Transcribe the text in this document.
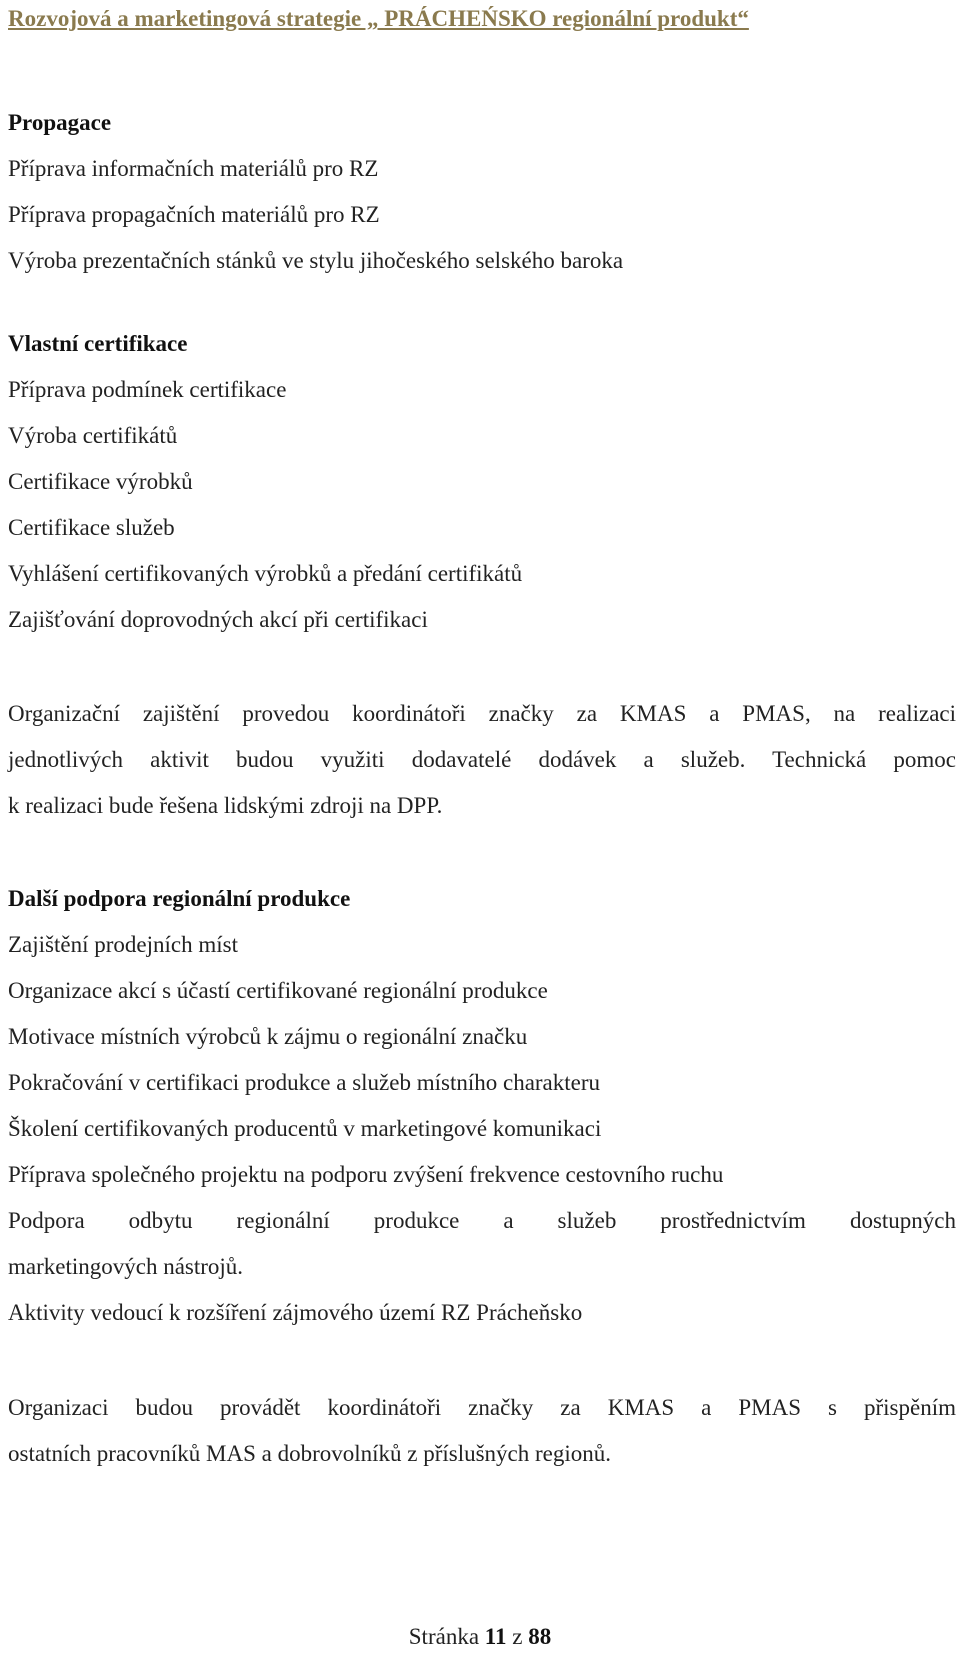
Rozvojová a marketingová strategie „ PRÁCHEŃSKO regionální produkt“
Propagace
Příprava informačních materiálů pro RZ
Příprava propagačních materiálů pro RZ
Výroba prezentačních stánků ve stylu jihočeského selského baroka
Vlastní certifikace
Příprava podmínek certifikace
Výroba certifikátů
Certifikace výrobků
Certifikace služeb
Vyhlášení certifikovaných výrobků a předání certifikátů
Zajišťování doprovodných akcí při certifikaci
Organizační zajištění provedou koordinátoři značky za KMAS a PMAS, na realizaci
jednotlivých aktivit budou využiti dodavatelé dodávek a služeb. Technická pomoc
k realizaci bude řešena lidskými zdroji na DPP.
Další podpora regionální produkce
Zajištění prodejních míst
Organizace akcí s účastí certifikované regionální produkce
Motivace místních výrobců k zájmu o regionální značku
Pokračování v certifikaci produkce a služeb místního charakteru
Školení certifikovaných producentů v marketingové komunikaci
Příprava společného projektu na podporu zvýšení frekvence cestovního ruchu
Podpora odbytu regionální produkce a služeb prostřednictvím dostupných
marketingových nástrojů.
Aktivity vedoucí k rozšíření zájmového území RZ Prácheňsko
Organizaci budou provádět koordinátoři značky za KMAS a PMAS s přispěním
ostatních pracovníků MAS a dobrovolníků z příslušných regionů.
Stránka 11 z 88
